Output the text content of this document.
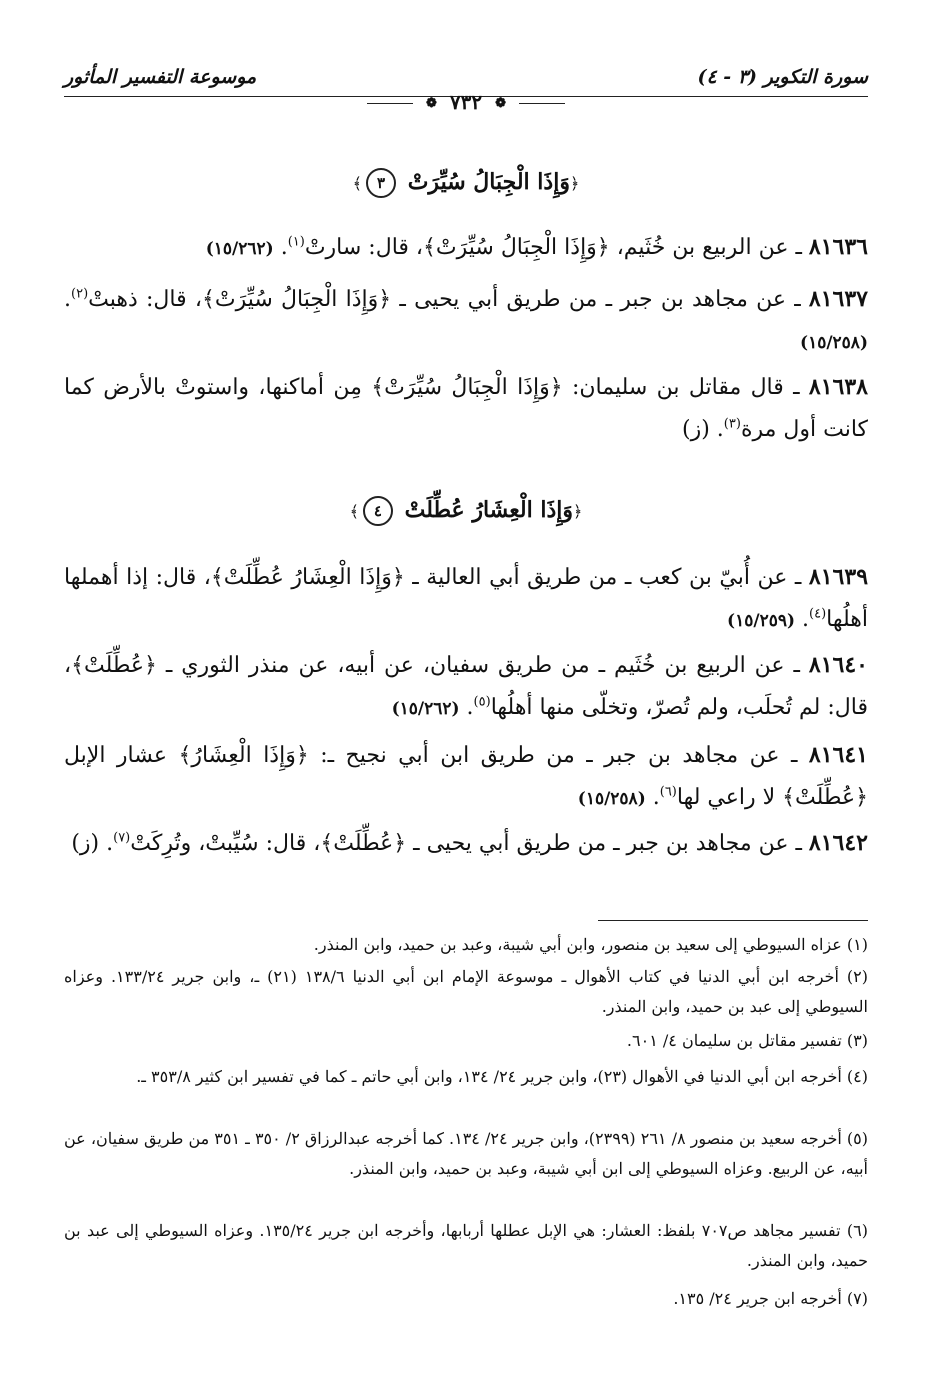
سورة التكوير (٣ - ٤)
موسوعة التفسير المأثور
❁ ٧٣٢ ❁
﴿وَإِذَا الْجِبَالُ سُيِّرَتْ ٣﴾
٨١٦٣٦ ـ عن الربيع بن خُثَيم، ﴿وَإِذَا الْجِبَالُ سُيِّرَتْ﴾، قال: سارتْ$^{(١)}$. (١٥/٢٦٢)
٨١٦٣٧ ـ عن مجاهد بن جبر ـ من طريق أبي يحيى ـ ﴿وَإِذَا الْجِبَالُ سُيِّرَتْ﴾، قال: ذهبتْ$^{(٢)}$. (١٥/٢٥٨)
٨١٦٣٨ ـ قال مقاتل بن سليمان: ﴿وَإِذَا الْجِبَالُ سُيِّرَتْ﴾ مِن أماكنها، واستوتْ بالأرض كما كانت أول مرة$^{(٣)}$. (ز)
﴿وَإِذَا الْعِشَارُ عُطِّلَتْ ٤﴾
٨١٦٣٩ ـ عن أُبيّ بن كعب ـ من طريق أبي العالية ـ ﴿وَإِذَا الْعِشَارُ عُطِّلَتْ﴾، قال: إذا أهملها أهلُها$^{(٤)}$. (١٥/٢٥٩)
٨١٦٤٠ ـ عن الربيع بن خُثَيم ـ من طريق سفيان، عن أبيه، عن منذر الثوري ـ ﴿عُطِّلَتْ﴾، قال: لم تُحلَب، ولم تُصرّ، وتخلّى منها أهلُها$^{(٥)}$. (١٥/٢٦٢)
٨١٦٤١ ـ عن مجاهد بن جبر ـ من طريق ابن أبي نجيح ـ: ﴿وَإِذَا الْعِشَارُ﴾ عشار الإبل ﴿عُطِّلَتْ﴾ لا راعي لها$^{(٦)}$. (١٥/٢٥٨)
٨١٦٤٢ ـ عن مجاهد بن جبر ـ من طريق أبي يحيى ـ ﴿عُطِّلَتْ﴾، قال: سُيِّبتْ، وتُرِكَتْ$^{(٧)}$. (ز)
(١) عزاه السيوطي إلى سعيد بن منصور، وابن أبي شيبة، وعبد بن حميد، وابن المنذر.
(٢) أخرجه ابن أبي الدنيا في كتاب الأهوال ـ موسوعة الإمام ابن أبي الدنيا ١٣٨/٦ (٢١) ـ، وابن جرير ١٣٣/٢٤. وعزاه السيوطي إلى عبد بن حميد، وابن المنذر.
(٣) تفسير مقاتل بن سليمان ٤/ ٦٠١.
(٤) أخرجه ابن أبي الدنيا في الأهوال (٢٣)، وابن جرير ٢٤/ ١٣٤، وابن أبي حاتم ـ كما في تفسير ابن كثير ٣٥٣/٨ ـ.
(٥) أخرجه سعيد بن منصور ٨/ ٢٦١ (٢٣٩٩)، وابن جرير ٢٤/ ١٣٤. كما أخرجه عبدالرزاق ٢/ ٣٥٠ ـ ٣٥١ من طريق سفيان، عن أبيه، عن الربيع. وعزاه السيوطي إلى ابن أبي شيبة، وعبد بن حميد، وابن المنذر.
(٦) تفسير مجاهد ص٧٠٧ بلفظ: العشار: هي الإبل عطلها أربابها، وأخرجه ابن جرير ١٣٥/٢٤. وعزاه السيوطي إلى عبد بن حميد، وابن المنذر.
(٧) أخرجه ابن جرير ٢٤/ ١٣٥.
